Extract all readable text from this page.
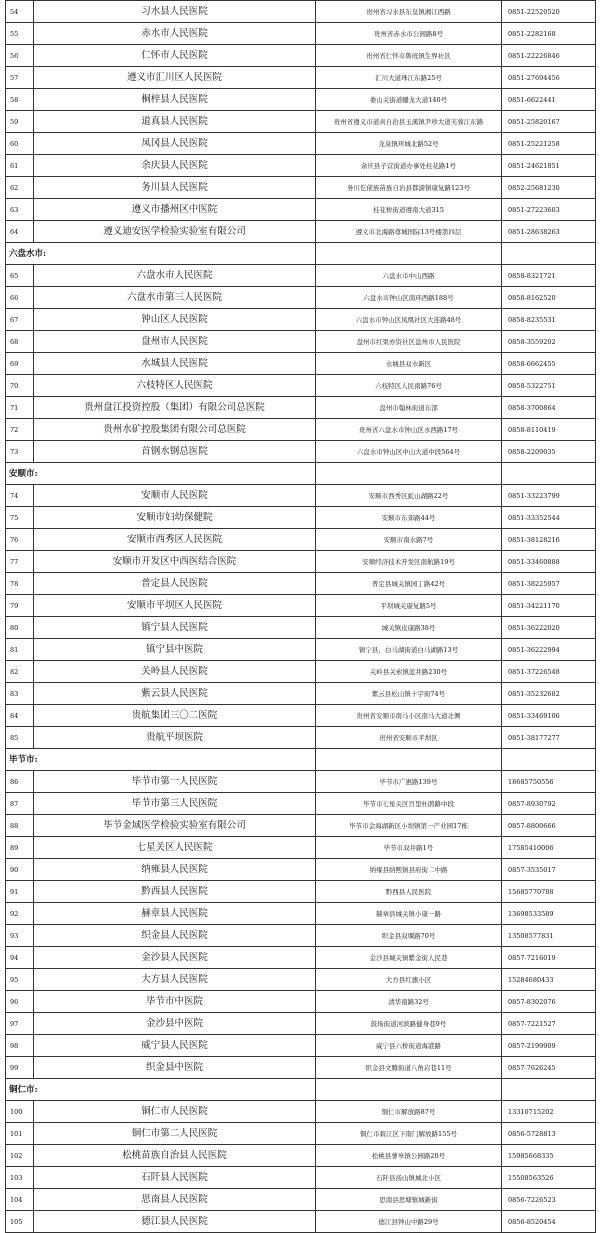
54	习水县人民医院	贵州省习水县东皇镇湘江西路	0851-22520520
55	赤水市人民医院	贵州省赤水市公园路8号	0851-2282168
56	仁怀市人民医院	贵州省仁怀市鲁班镇生界社区	0851-22226846
57	遵义市汇川区人民医院	汇川大道珠江东路25号	0851-27694456
58	桐梓县人民医院	娄山关街道蟠龙大道140号	0851-6622441
59	道真县人民医院	贵州省遵义市道真自治县玉溪镇尹珍大道芙蓉江东路	0851-25820167
60	凤冈县人民医院	龙泉镇环城北路52号	0851-25221258
61	余庆县人民医院	余庆县子营街道办事处桂花路1号	0851-24621851
62	务川县人民医院	务川仡佬族苗族自治县都濡镇康复路123号	0852-25681230
63	遵义市播州区中医院	桂花桥街道遵南大道315	0851-27223603
64	遵义迪安医学检验实验室有限公司	遵义市北海路尊城国际13号楼第四层	0851-28638263
六盘水市:			
65	六盘水市人民医院	六盘水市中山西路	0858-8321721
66	六盘水市第三人民医院	六盘水市钟山区南环西路188号	0858-8162520
67	钟山区人民医院	六盘水市钟山区凤凰社区大连路48号	0858-8235531
68	盘州市人民医院	盘州市红果亦资社区盘州市人民医院	0858-3559202
69	水城县人民医院	水城县双水新区	0858-6662455
70	六枝特区人民医院	六枝特区人民南路76号	0858-5322751
71	贵州盘江投资控股（集团）有限公司总医院	盘州市翰林街道东部	0858-3700864
72	贵州水矿控股集团有限公司总医院	贵州省六盘水市钟山区水西路17号	0858-8110419
73	首钢水钢总医院	六盘水市钟山区中山大道中段564号	0858-2209035
安顺市:			
74	安顺市人民医院	安顺市西秀区虹山湖路22号	0851-33223799
75	安顺市妇幼保健院	安顺市东郊路44号	0851-33352544
76	安顺市西秀区人民医院	安顺市南水路7号	0851-38128216
77	安顺市开发区中西医结合医院	安顺经济技术开发区南航路19号	0851-33460888
78	普定县人民医院	普定县城关镇园丁路42号	0851-38225957
79	安顺市平坝区人民医院	平坝城关康复路5号	0851-34221170
80	镇宁县人民医院	城关镇皮康路38号	0851-36222020
81	镇宁县中医院	镇宁县，白马湖街道白马湖路13号	0851-36222994
82	关岭县人民医院	关岭县关索镇蓝井路230号	0851-37226548
83	紫云县人民医院	紫云县松山镇十字街74号	0851-35232682
84	贵航集团三〇二医院	贵州省安顺市南马小区南马大道北侧	0851-33469106
85	贵航平坝医院	贵州省安顺市平坝区	0851-38177277
毕节市:			
86	毕节市第一人民医院	毕节市广惠路139号	18685750556
87	毕节市第三人民医院	毕节市七星关区百里杜鹃路中段	0857-8930792
88	毕节金域医学检验实验室有限公司	毕节市金海湖新区小坝镇第一产业园17栋	0857-8800666
89	七星关区人民医院	毕节市双井路1号	17585410006
90	纳雍县人民医院	纳雍县纳熙镇县府街二中路	0857-3535017
91	黔西县人民医院	黔西县人民医院	15685770788
92	赫章县人民医院	赫章县城关镇小康一路	13698533589
93	织金县人民医院	织金县双堰路70号	13508577831
94	金沙县人民医院	金沙县城关镇紫金街人民巷	0857-7216019
95	大方县人民医院	大方县红旗小区	15284680433
96	毕节市中医院	清华南路32号	0857-8302076
97	金沙县中医院	鼓场街道河滨路健身巷9号	0857-7221527
98	威宁县人民医院	威宁县六桥街道海港路	0857-2199909
99	织金县中医院	织金县文腾街道八角岩巷11号	0857-7626245
铜仁市:			
100	铜仁市人民医院	铜仁市解放路87号	13310715202
101	铜仁市第二人民医院	铜仁市碧江区下南门解放路155号	0856-5728813
102	松桃苗族自治县人民医院	松桃县蓼皋镇公园路20号	15985668335
103	石阡县人民医院	石阡县汤山镇城北小区	15508563526
104	思南县人民医院	思南县思塘镇城新街	0856-7226523
105	德江县人民医院	德江县钟山中路29号	0856-8520454
